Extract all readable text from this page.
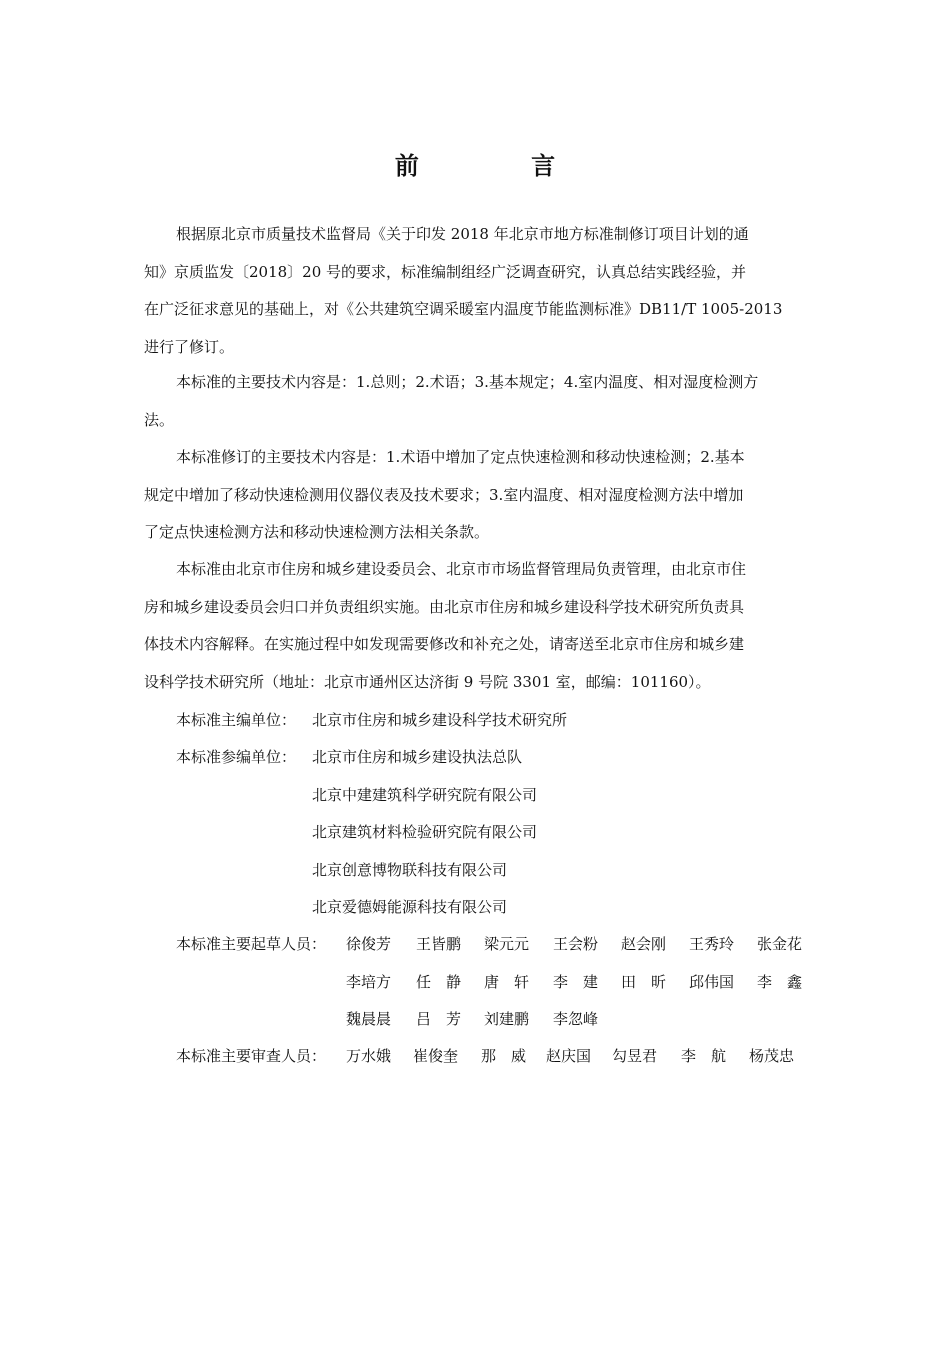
前 言

根据原北京市质量技术监督局《关于印发 2018 年北京市地方标准制修订项目计划的通
知》京质监发〔2018〕20 号的要求，标准编制组经广泛调查研究，认真总结实践经验，并
在广泛征求意见的基础上，对《公共建筑空调采暖室内温度节能监测标准》DB11/T 1005-2013
进行了修订。

本标准的主要技术内容是：1.总则；2.术语；3.基本规定；4.室内温度、相对湿度检测方
法。

本标准修订的主要技术内容是：1.术语中增加了定点快速检测和移动快速检测；2.基本
规定中增加了移动快速检测用仪器仪表及技术要求；3.室内温度、相对湿度检测方法中增加
了定点快速检测方法和移动快速检测方法相关条款。

本标准由北京市住房和城乡建设委员会、北京市市场监督管理局负责管理，由北京市住
房和城乡建设委员会归口并负责组织实施。由北京市住房和城乡建设科学技术研究所负责具
体技术内容解释。在实施过程中如发现需要修改和补充之处，请寄送至北京市住房和城乡建
设科学技术研究所（地址：北京市通州区达济街 9 号院 3301 室，邮编：101160）。

本标准主编单位： 北京市住房和城乡建设科学技术研究所
本标准参编单位： 北京市住房和城乡建设执法总队
北京中建建筑科学研究院有限公司
北京建筑材料检验研究院有限公司
北京创意博物联科技有限公司
北京爱德姆能源科技有限公司
本标准主要起草人员： 徐俊芳 王皆鹏 梁元元 王会粉 赵会刚 王秀玲 张金花
李培方 任　静 唐　轩 李　建 田　昕 邱伟国 李　鑫
魏晨晨 吕　芳 刘建鹏 李忽峰
本标准主要审查人员： 万水娥 崔俊奎 那　威 赵庆国 勾昱君 李　航 杨茂忠
